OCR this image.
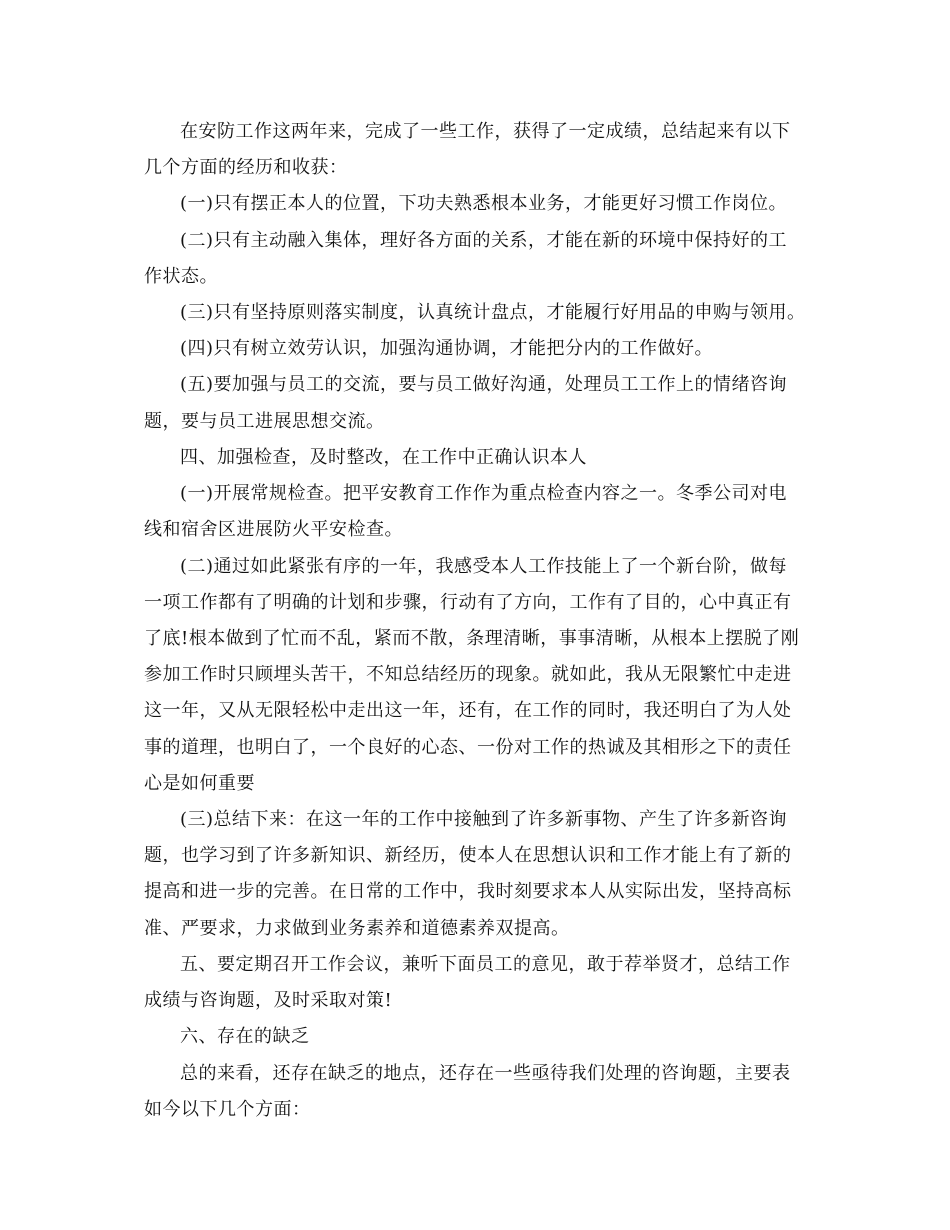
在安防工作这两年来，完成了一些工作，获得了一定成绩，总结起来有以下
几个方面的经历和收获：
(一)只有摆正本人的位置，下功夫熟悉根本业务，才能更好习惯工作岗位。
(二)只有主动融入集体，理好各方面的关系，才能在新的环境中保持好的工
作状态。
(三)只有坚持原则落实制度，认真统计盘点，才能履行好用品的申购与领用。
(四)只有树立效劳认识，加强沟通协调，才能把分内的工作做好。
(五)要加强与员工的交流，要与员工做好沟通，处理员工工作上的情绪咨询
题，要与员工进展思想交流。
四、加强检查，及时整改，在工作中正确认识本人
(一)开展常规检查。把平安教育工作作为重点检查内容之一。冬季公司对电
线和宿舍区进展防火平安检查。
(二)通过如此紧张有序的一年，我感受本人工作技能上了一个新台阶，做每
一项工作都有了明确的计划和步骤，行动有了方向，工作有了目的，心中真正有
了底!根本做到了忙而不乱，紧而不散，条理清晰，事事清晰，从根本上摆脱了刚
参加工作时只顾埋头苦干，不知总结经历的现象。就如此，我从无限繁忙中走进
这一年，又从无限轻松中走出这一年，还有，在工作的同时，我还明白了为人处
事的道理，也明白了，一个良好的心态、一份对工作的热诚及其相形之下的责任
心是如何重要
(三)总结下来：在这一年的工作中接触到了许多新事物、产生了许多新咨询
题，也学习到了许多新知识、新经历，使本人在思想认识和工作才能上有了新的
提高和进一步的完善。在日常的工作中，我时刻要求本人从实际出发，坚持高标
准、严要求，力求做到业务素养和道德素养双提高。
五、要定期召开工作会议，兼听下面员工的意见，敢于荐举贤才，总结工作
成绩与咨询题，及时采取对策!
六、存在的缺乏
总的来看，还存在缺乏的地点，还存在一些亟待我们处理的咨询题，主要表
如今以下几个方面：
